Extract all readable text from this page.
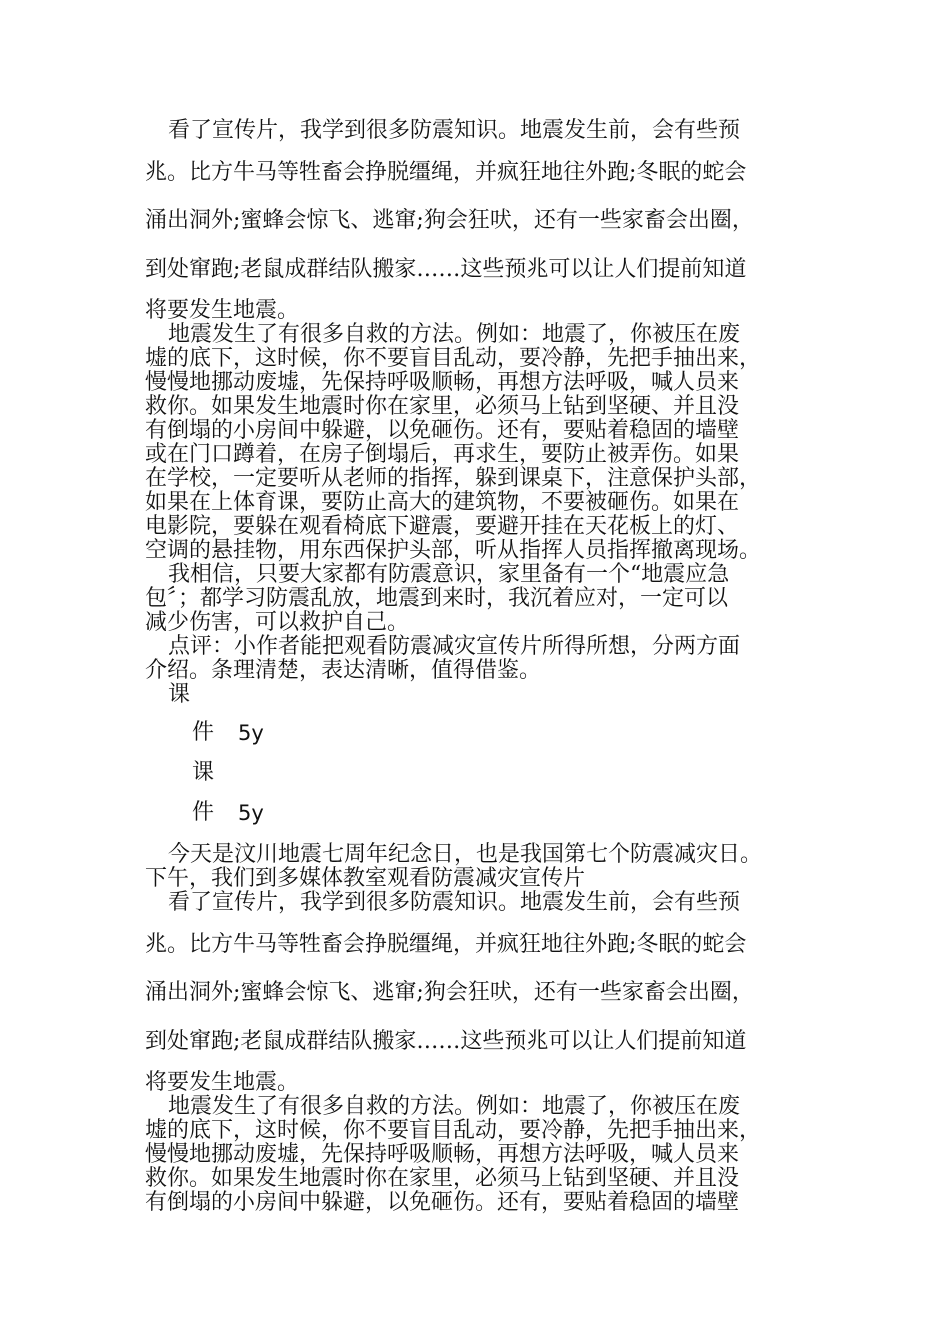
看了宣传片，我学到很多防震知识。地震发生前，会有些预
兆。比方牛马等牲畜会挣脱缰绳，并疯狂地往外跑;冬眠的蛇会
涌出洞外;蜜蜂会惊飞、逃窜;狗会狂吠，还有一些家畜会出圈，
到处窜跑;老鼠成群结队搬家……这些预兆可以让人们提前知道
将要发生地震。
地震发生了有很多自救的方法。例如：地震了，你被压在废
墟的底下，这时候，你不要盲目乱动，要冷静，先把手抽出来，
慢慢地挪动废墟，先保持呼吸顺畅，再想方法呼吸，喊人员来
救你。如果发生地震时你在家里，必须马上钻到坚硬、并且没
有倒塌的小房间中躲避，以免砸伤。还有，要贴着稳固的墙壁
或在门口蹲着，在房子倒塌后，再求生，要防止被弄伤。如果
在学校，一定要听从老师的指挥，躲到课桌下，注意保护头部，
如果在上体育课，要防止高大的建筑物，不要被砸伤。如果在
电影院，要躲在观看椅底下避震，要避开挂在天花板上的灯、
空调的悬挂物，用东西保护头部，听从指挥人员指挥撤离现场。
我相信，只要大家都有防震意识，家里备有一个“地震应急
包〞；都学习防震乱放，地震到来时，我沉着应对，一定可以
减少伤害，可以救护自己。
点评：小作者能把观看防震减灾宣传片所得所想，分两方面
介绍。条理清楚，表达清晰，值得借鉴。
课
件 5y
课
件 5y
今天是汶川地震七周年纪念日，也是我国第七个防震减灾日。
下午，我们到多媒体教室观看防震减灾宣传片
看了宣传片，我学到很多防震知识。地震发生前，会有些预
兆。比方牛马等牲畜会挣脱缰绳，并疯狂地往外跑;冬眠的蛇会
涌出洞外;蜜蜂会惊飞、逃窜;狗会狂吠，还有一些家畜会出圈，
到处窜跑;老鼠成群结队搬家……这些预兆可以让人们提前知道
将要发生地震。
地震发生了有很多自救的方法。例如：地震了，你被压在废
墟的底下，这时候，你不要盲目乱动，要冷静，先把手抽出来，
慢慢地挪动废墟，先保持呼吸顺畅，再想方法呼吸，喊人员来
救你。如果发生地震时你在家里，必须马上钻到坚硬、并且没
有倒塌的小房间中躲避，以免砸伤。还有，要贴着稳固的墙壁
